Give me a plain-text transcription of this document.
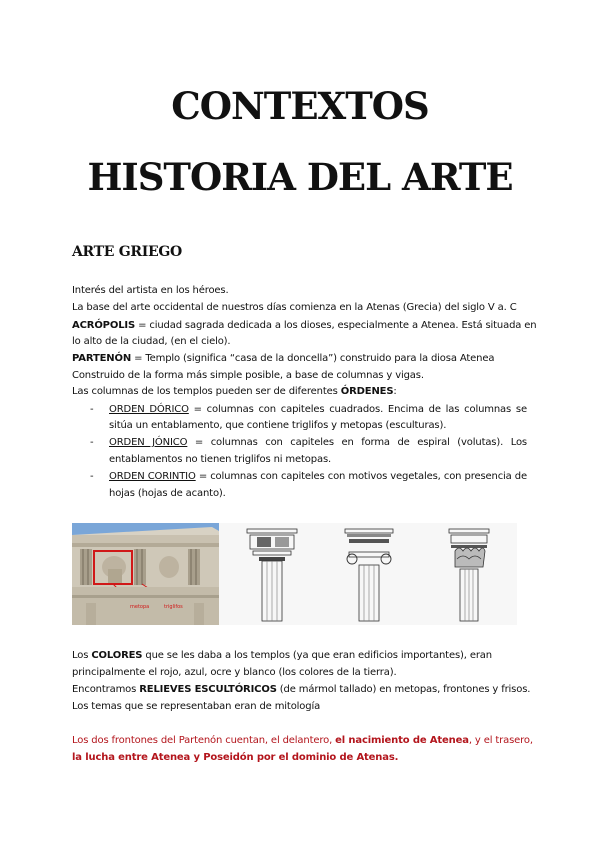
CONTEXTOS
HISTORIA DEL ARTE
ARTE GRIEGO
Interés del artista en los héroes.
La base del arte occidental de nuestros días comienza en la Atenas (Grecia) del siglo V a. C
ACRÓPOLIS = ciudad sagrada dedicada a los dioses, especialmente a Atenea. Está situada en
lo alto de la ciudad, (en el cielo).
PARTENÓN = Templo (significa “casa de la doncella”) construido para la diosa Atenea
Construido de la forma más simple posible, a base de columnas y vigas.
Las columnas de los templos pueden ser de diferentes ÓRDENES:
- ORDEN DÓRICO = columnas con capiteles cuadrados. Encima de las columnas se
sitúa un entablamento, que contiene triglifos y metopas (esculturas).
- ORDEN JÓNICO = columnas con capiteles en forma de espiral (volutas). Los
entablamentos no tienen triglifos ni metopas.
- ORDEN CORINTIO = columnas con capiteles con motivos vegetales, con presencia de
hojas (hojas de acanto).
metopa	triglifos
Los COLORES que se les daba a los templos (ya que eran edificios importantes), eran
principalmente el rojo, azul, ocre y blanco (los colores de la tierra).
Encontramos RELIEVES ESCULTÓRICOS (de mármol tallado) en metopas, frontones y frisos.
Los temas que se representaban eran de mitología
Los dos frontones del Partenón cuentan, el delantero, el nacimiento de Atenea, y el trasero,
la lucha entre Atenea y Poseidón por el dominio de Atenas.
